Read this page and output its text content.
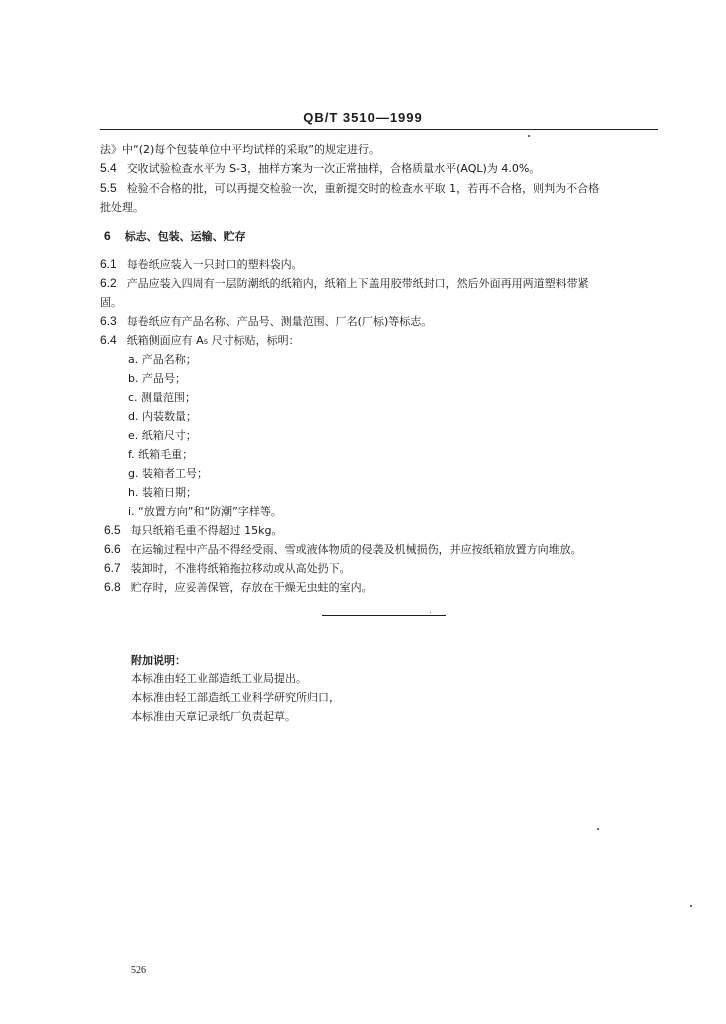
QB/T 3510—1999
法》中“(2)每个包装单位中平均试样的采取”的规定进行。
5.4 交收试验检查水平为 S-3，抽样方案为一次正常抽样，合格质量水平(AQL)为 4.0%。
5.5 检验不合格的批，可以再提交检验一次，重新提交时的检查水平取 1，若再不合格，则判为不合格
批处理。
6 标志、包装、运输、贮存
6.1 每卷纸应装入一只封口的塑料袋内。
6.2 产品应装入四周有一层防潮纸的纸箱内，纸箱上下盖用胶带纸封口，然后外面再用两道塑料带紧
固。
6.3 每卷纸应有产品名称、产品号、测量范围、厂名(厂标)等标志。
6.4 纸箱侧面应有 A₅ 尺寸标贴，标明：
a. 产品名称；
b. 产品号；
c. 测量范围；
d. 内装数量；
e. 纸箱尺寸；
f. 纸箱毛重；
g. 装箱者工号；
h. 装箱日期；
i. “放置方向”和“防潮”字样等。
6.5 每只纸箱毛重不得超过 15kg。
6.6 在运输过程中产品不得经受雨、雪或液体物质的侵袭及机械损伤，并应按纸箱放置方向堆放。
6.7 装卸时，不准将纸箱拖拉移动或从高处扔下。
6.8 贮存时，应妥善保管，存放在干燥无虫蛀的室内。
附加说明：
本标准由轻工业部造纸工业局提出。
本标准由轻工部造纸工业科学研究所归口，
本标准由天章记录纸厂负责起草。
526
